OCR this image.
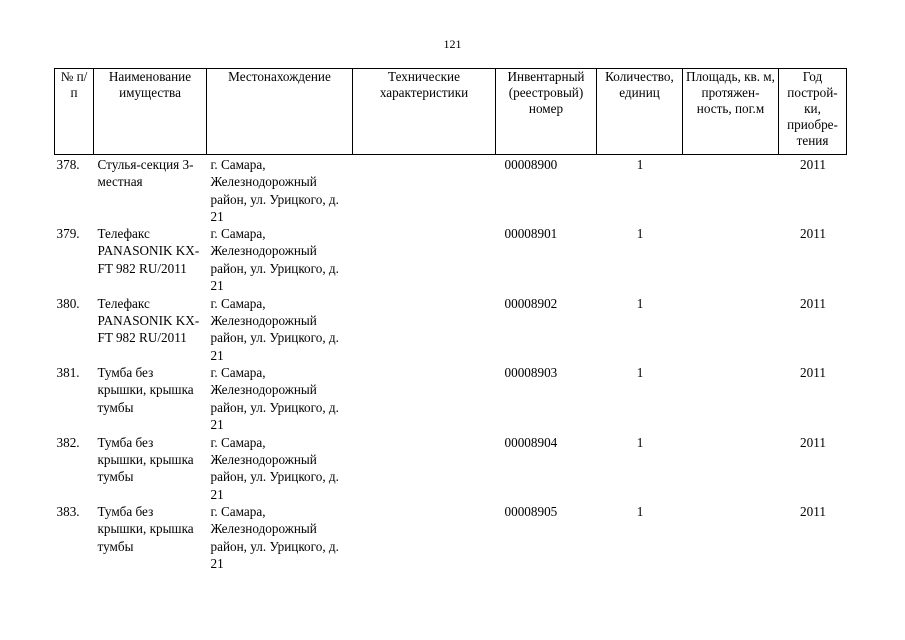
121
№ п/п	Наименование имущества	Местонахождение	Технические характеристики	Инвентарный (реестровый) номер	Количество, единиц	Площадь, кв. м, протяжен-ность, пог.м	Год построй-ки, приобре-тения
378.	Стулья-секция 3-местная	г. Самара, Железнодорожный район, ул. Урицкого, д. 21		00008900	1		2011
379.	Телефакс PANASONIK KX-FT 982 RU/2011	г. Самара, Железнодорожный район, ул. Урицкого, д. 21		00008901	1		2011
380.	Телефакс PANASONIK KX-FT 982 RU/2011	г. Самара, Железнодорожный район, ул. Урицкого, д. 21		00008902	1		2011
381.	Тумба без крышки, крышка тумбы	г. Самара, Железнодорожный район, ул. Урицкого, д. 21		00008903	1		2011
382.	Тумба без крышки, крышка тумбы	г. Самара, Железнодорожный район, ул. Урицкого, д. 21		00008904	1		2011
383.	Тумба без крышки, крышка тумбы	г. Самара, Железнодорожный район, ул. Урицкого, д. 21		00008905	1		2011
